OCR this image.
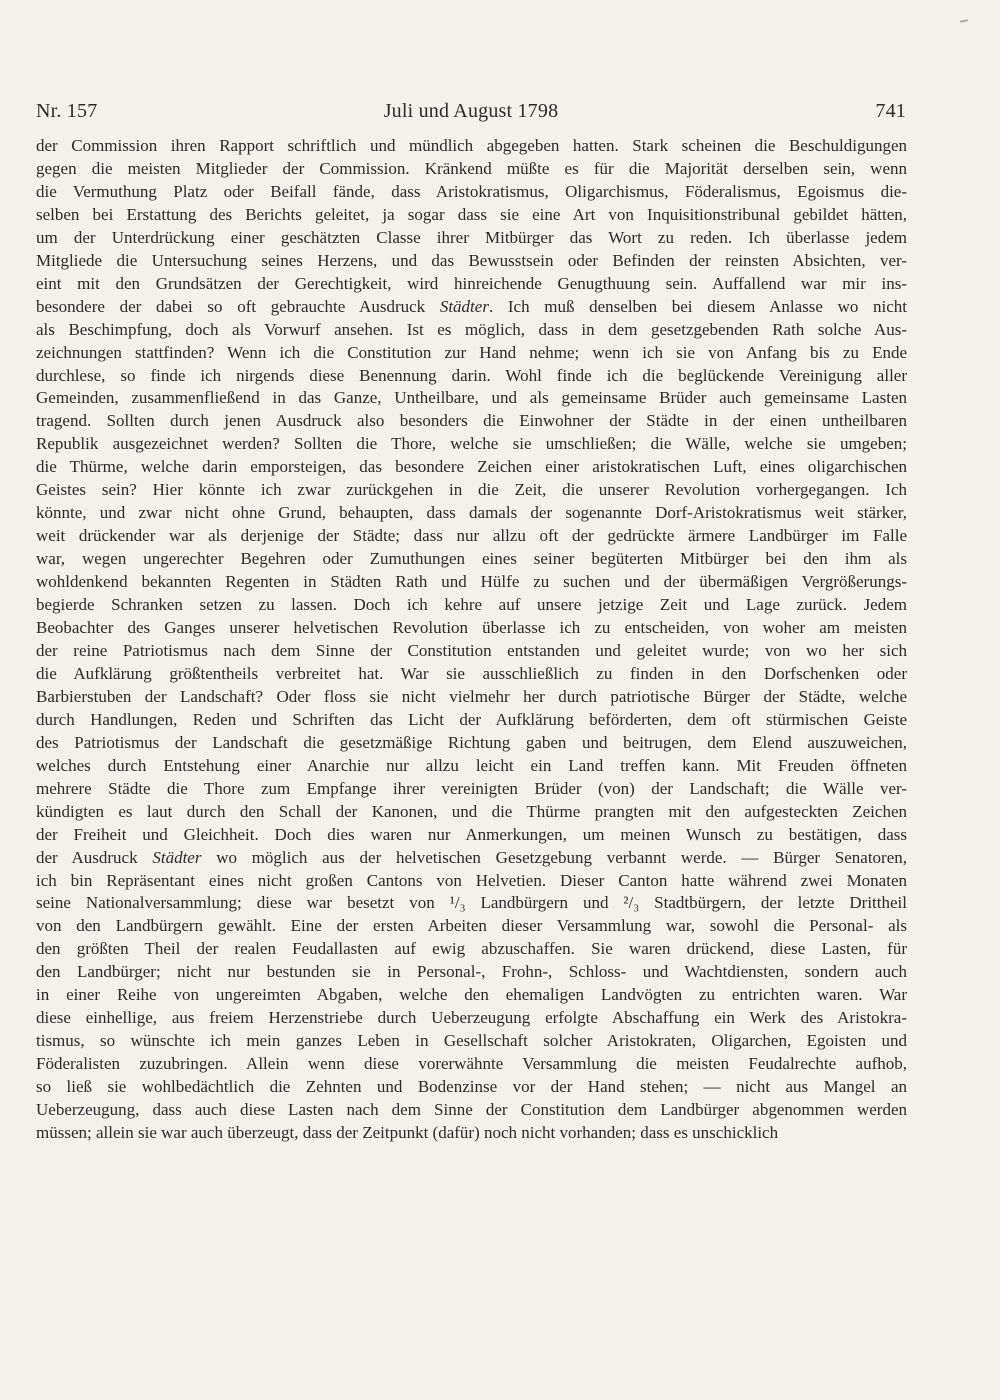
Nr. 157	Juli und August 1798	741
der Commission ihren Rapport schriftlich und mündlich abgegeben hatten. Stark scheinen die Beschuldigungen
gegen die meisten Mitglieder der Commission. Kränkend müßte es für die Majorität derselben sein, wenn
die Vermuthung Platz oder Beifall fände, dass Aristokratismus, Oligarchismus, Föderalismus, Egoismus die-
selben bei Erstattung des Berichts geleitet, ja sogar dass sie eine Art von Inquisitionstribunal gebildet hätten,
um der Unterdrückung einer geschätzten Classe ihrer Mitbürger das Wort zu reden. Ich überlasse jedem
Mitgliede die Untersuchung seines Herzens, und das Bewusstsein oder Befinden der reinsten Absichten, ver-
eint mit den Grundsätzen der Gerechtigkeit, wird hinreichende Genugthuung sein. Auffallend war mir ins-
besondere der dabei so oft gebrauchte Ausdruck Städter. Ich muß denselben bei diesem Anlasse wo nicht
als Beschimpfung, doch als Vorwurf ansehen. Ist es möglich, dass in dem gesetzgebenden Rath solche Aus-
zeichnungen stattfinden? Wenn ich die Constitution zur Hand nehme; wenn ich sie von Anfang bis zu Ende
durchlese, so finde ich nirgends diese Benennung darin. Wohl finde ich die beglückende Vereinigung aller
Gemeinden, zusammenfließend in das Ganze, Untheilbare, und als gemeinsame Brüder auch gemeinsame Lasten
tragend. Sollten durch jenen Ausdruck also besonders die Einwohner der Städte in der einen untheilbaren
Republik ausgezeichnet werden? Sollten die Thore, welche sie umschließen; die Wälle, welche sie umgeben;
die Thürme, welche darin emporsteigen, das besondere Zeichen einer aristokratischen Luft, eines oligarchischen
Geistes sein? Hier könnte ich zwar zurückgehen in die Zeit, die unserer Revolution vorhergegangen. Ich
könnte, und zwar nicht ohne Grund, behaupten, dass damals der sogenannte Dorf-Aristokratismus weit stärker,
weit drückender war als derjenige der Städte; dass nur allzu oft der gedrückte ärmere Landbürger im Falle
war, wegen ungerechter Begehren oder Zumuthungen eines seiner begüterten Mitbürger bei den ihm als
wohldenkend bekannten Regenten in Städten Rath und Hülfe zu suchen und der übermäßigen Vergrößerungs-
begierde Schranken setzen zu lassen. Doch ich kehre auf unsere jetzige Zeit und Lage zurück. Jedem
Beobachter des Ganges unserer helvetischen Revolution überlasse ich zu entscheiden, von woher am meisten
der reine Patriotismus nach dem Sinne der Constitution entstanden und geleitet wurde; von wo her sich
die Aufklärung größtentheils verbreitet hat. War sie ausschließlich zu finden in den Dorfschenken oder
Barbierstuben der Landschaft? Oder floss sie nicht vielmehr her durch patriotische Bürger der Städte, welche
durch Handlungen, Reden und Schriften das Licht der Aufklärung beförderten, dem oft stürmischen Geiste
des Patriotismus der Landschaft die gesetzmäßige Richtung gaben und beitrugen, dem Elend auszuweichen,
welches durch Entstehung einer Anarchie nur allzu leicht ein Land treffen kann. Mit Freuden öffneten
mehrere Städte die Thore zum Empfange ihrer vereinigten Brüder (von) der Landschaft; die Wälle ver-
kündigten es laut durch den Schall der Kanonen, und die Thürme prangten mit den aufgesteckten Zeichen
der Freiheit und Gleichheit. Doch dies waren nur Anmerkungen, um meinen Wunsch zu bestätigen, dass
der Ausdruck Städter wo möglich aus der helvetischen Gesetzgebung verbannt werde. — Bürger Senatoren,
ich bin Repräsentant eines nicht großen Cantons von Helvetien. Dieser Canton hatte während zwei Monaten
seine Nationalversammlung; diese war besetzt von ¹/₃ Landbürgern und ²/₃ Stadtbürgern, der letzte Drittheil
von den Landbürgern gewählt. Eine der ersten Arbeiten dieser Versammlung war, sowohl die Personal- als
den größten Theil der realen Feudallasten auf ewig abzuschaffen. Sie waren drückend, diese Lasten, für
den Landbürger; nicht nur bestunden sie in Personal-, Frohn-, Schloss- und Wachtdiensten, sondern auch
in einer Reihe von ungereimten Abgaben, welche den ehemaligen Landvögten zu entrichten waren. War
diese einhellige, aus freiem Herzenstriebe durch Ueberzeugung erfolgte Abschaffung ein Werk des Aristokra-
tismus, so wünschte ich mein ganzes Leben in Gesellschaft solcher Aristokraten, Oligarchen, Egoisten und
Föderalisten zuzubringen. Allein wenn diese vorerwähnte Versammlung die meisten Feudalrechte aufhob,
so ließ sie wohlbedächtlich die Zehnten und Bodenzinse vor der Hand stehen; — nicht aus Mangel an
Ueberzeugung, dass auch diese Lasten nach dem Sinne der Constitution dem Landbürger abgenommen werden
müssen; allein sie war auch überzeugt, dass der Zeitpunkt (dafür) noch nicht vorhanden; dass es unschicklich
